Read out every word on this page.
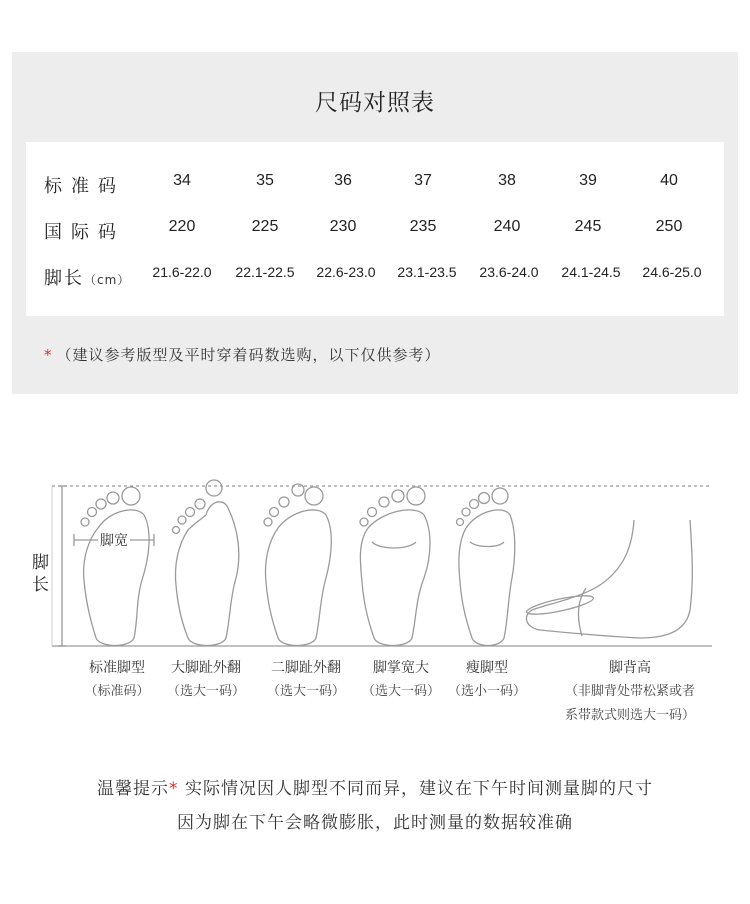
尺码对照表
标准码	34	35	36	37	38	39	40
国际码	220	225	230	235	240	245	250
脚长（cm） 21.6-22.0 22.1-22.5 22.6-23.0 23.1-23.5 23.6-24.0 24.1-24.5 24.6-25.0
* （建议参考版型及平时穿着码数选购，以下仅供参考）
脚宽
脚长
标准脚型
（标准码）
大脚趾外翻
（选大一码）
二脚趾外翻
（选大一码）
脚掌宽大
（选大一码）
瘦脚型
（选小一码）
脚背高
（非脚背处带松紧或者
系带款式则选大一码）
温馨提示* 实际情况因人脚型不同而异，建议在下午时间测量脚的尺寸
因为脚在下午会略微膨胀，此时测量的数据较准确
